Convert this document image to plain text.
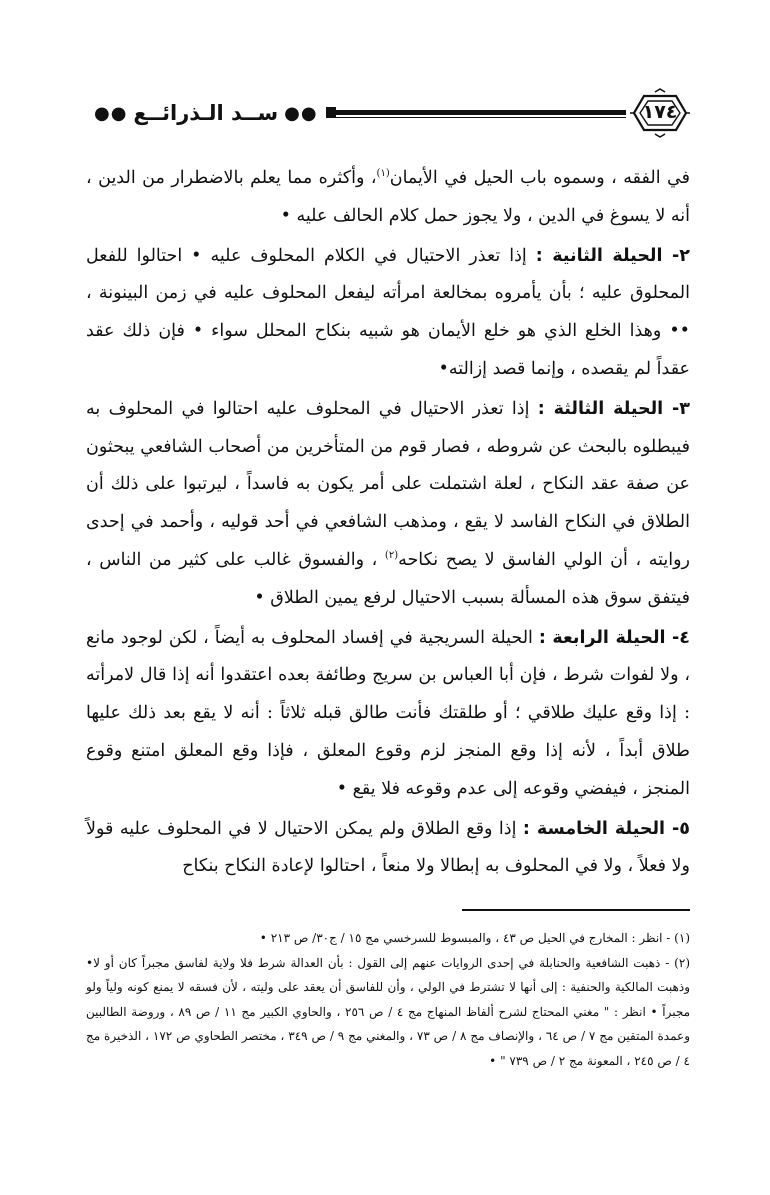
١٧٤
●●
ســد الـذرائــع
●●

في الفقه ، وسموه باب الحيل في الأيمان$^{(١)}$، وأكثره مما يعلم بالاضطرار من الدين ، أنه لا يسوغ في الدين ، ولا يجوز حمل كلام الحالف عليه •

٢- الحيلة الثانية : إذا تعذر الاحتيال في الكلام المحلوف عليه • احتالوا للفعل المحلوق عليه ؛ بأن يأمروه بمخالعة امرأته ليفعل المحلوف عليه في زمن البينونة ، •• وهذا الخلع الذي هو خلع الأيمان هو شبيه بنكاح المحلل سواء • فإن ذلك عقد عقداً لم يقصده ، وإنما قصد إزالته•

٣- الحيلة الثالثة : إذا تعذر الاحتيال في المحلوف عليه احتالوا في المحلوف به فيبطلوه بالبحث عن شروطه ، فصار قوم من المتأخرين من أصحاب الشافعي يبحثون عن صفة عقد النكاح ، لعلة اشتملت على أمر يكون به فاسداً ، ليرتبوا على ذلك أن الطلاق في النكاح الفاسد لا يقع ، ومذهب الشافعي في أحد قوليه ، وأحمد في إحدى روايته ، أن الولي الفاسق لا يصح نكاحه$^{(٢)}$ ، والفسوق غالب على كثير من الناس ، فيتفق سوق هذه المسألة بسبب الاحتيال لرفع يمين الطلاق •

٤- الحيلة الرابعة : الحيلة السريجية في إفساد المحلوف به أيضاً ، لكن لوجود مانع ، ولا لفوات شرط ، فإن أبا العباس بن سريج وطائفة بعده اعتقدوا أنه إذا قال لامرأته : إذا وقع عليك طلاقي ؛ أو طلقتك فأنت طالق قبله ثلاثاً : أنه لا يقع بعد ذلك عليها طلاق أبداً ، لأنه إذا وقع المنجز لزم وقوع المعلق ، فإذا وقع المعلق امتنع وقوع المنجز ، فيفضي وقوعه إلى عدم وقوعه فلا يقع •

٥- الحيلة الخامسة : إذا وقع الطلاق ولم يمكن الاحتيال لا في المحلوف عليه قولاً ولا فعلاً ، ولا في المحلوف به إبطالا ولا منعاً ، احتالوا لإعادة النكاح بنكاح

(١) - انظر : المخارج في الحيل ص ٤٣ ، والمبسوط للسرخسي مج ١٥ / ج٣٠/ ص ٢١٣ •

(٢) - ذهبت الشافعية والحنابلة في إحدى الروايات عنهم إلى القول : بأن العدالة شرط فلا ولاية لفاسق مجبراً كان أو لا• وذهبت المالكية والحنفية : إلى أنها لا تشترط في الولي ، وأن للفاسق أن يعقد على وليته ، لأن فسقه لا يمنع كونه ولياً ولو مجبراً • انظر : " مغني المحتاج لشرح ألفاظ المنهاج مج ٤ / ص ٢٥٦ ، والحاوي الكبير مج ١١ / ص ٨٩ ، وروضة الطالبين وعمدة المتقين مج ٧ / ص ٦٤ ، والإنصاف مج ٨ / ص ٧٣ ، والمغني مج ٩ / ص ٣٤٩ ، مختصر الطحاوي ص ١٧٢ ، الذخيرة مج ٤ / ص ٢٤٥ ، المعونة مج ٢ / ص ٧٣٩ " •
